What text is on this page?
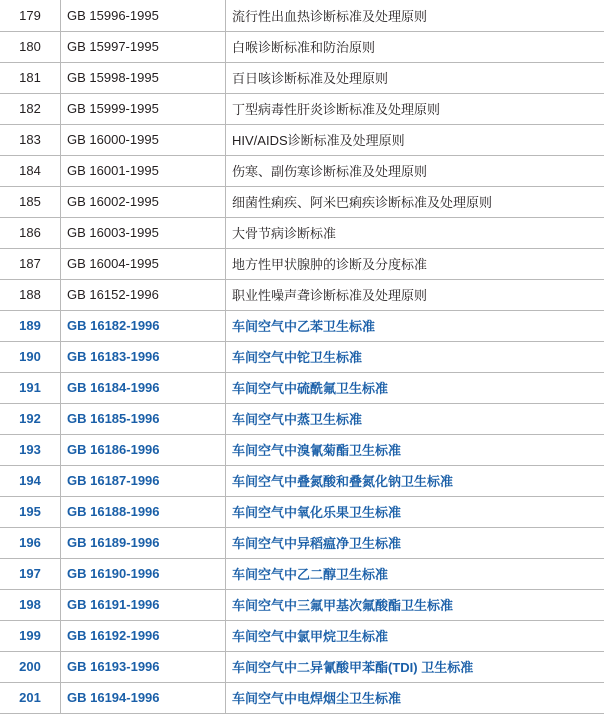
179	GB 15996-1995	流行性出血热诊断标准及处理原则
180	GB 15997-1995	白喉诊断标准和防治原则
181	GB 15998-1995	百日咳诊断标准及处理原则
182	GB 15999-1995	丁型病毒性肝炎诊断标准及处理原则
183	GB 16000-1995	HIV/AIDS诊断标准及处理原则
184	GB 16001-1995	伤寒、副伤寒诊断标准及处理原则
185	GB 16002-1995	细菌性痢疾、阿米巴痢疾诊断标准及处理原则
186	GB 16003-1995	大骨节病诊断标准
187	GB 16004-1995	地方性甲状腺肿的诊断及分度标准
188	GB 16152-1996	职业性噪声聋诊断标准及处理原则
189	GB 16182-1996	车间空气中乙苯卫生标准
190	GB 16183-1996	车间空气中铊卫生标准
191	GB 16184-1996	车间空气中硫酰氟卫生标准
192	GB 16185-1996	车间空气中蒸卫生标准
193	GB 16186-1996	车间空气中溴氰菊酯卫生标准
194	GB 16187-1996	车间空气中叠氮酸和叠氮化钠卫生标准
195	GB 16188-1996	车间空气中氧化乐果卫生标准
196	GB 16189-1996	车间空气中异稻瘟净卫生标准
197	GB 16190-1996	车间空气中乙二醇卫生标准
198	GB 16191-1996	车间空气中三氟甲基次氟酸酯卫生标准
199	GB 16192-1996	车间空气中氯甲烷卫生标准
200	GB 16193-1996	车间空气中二异氰酸甲苯酯(TDI) 卫生标准
201	GB 16194-1996	车间空气中电焊烟尘卫生标准
